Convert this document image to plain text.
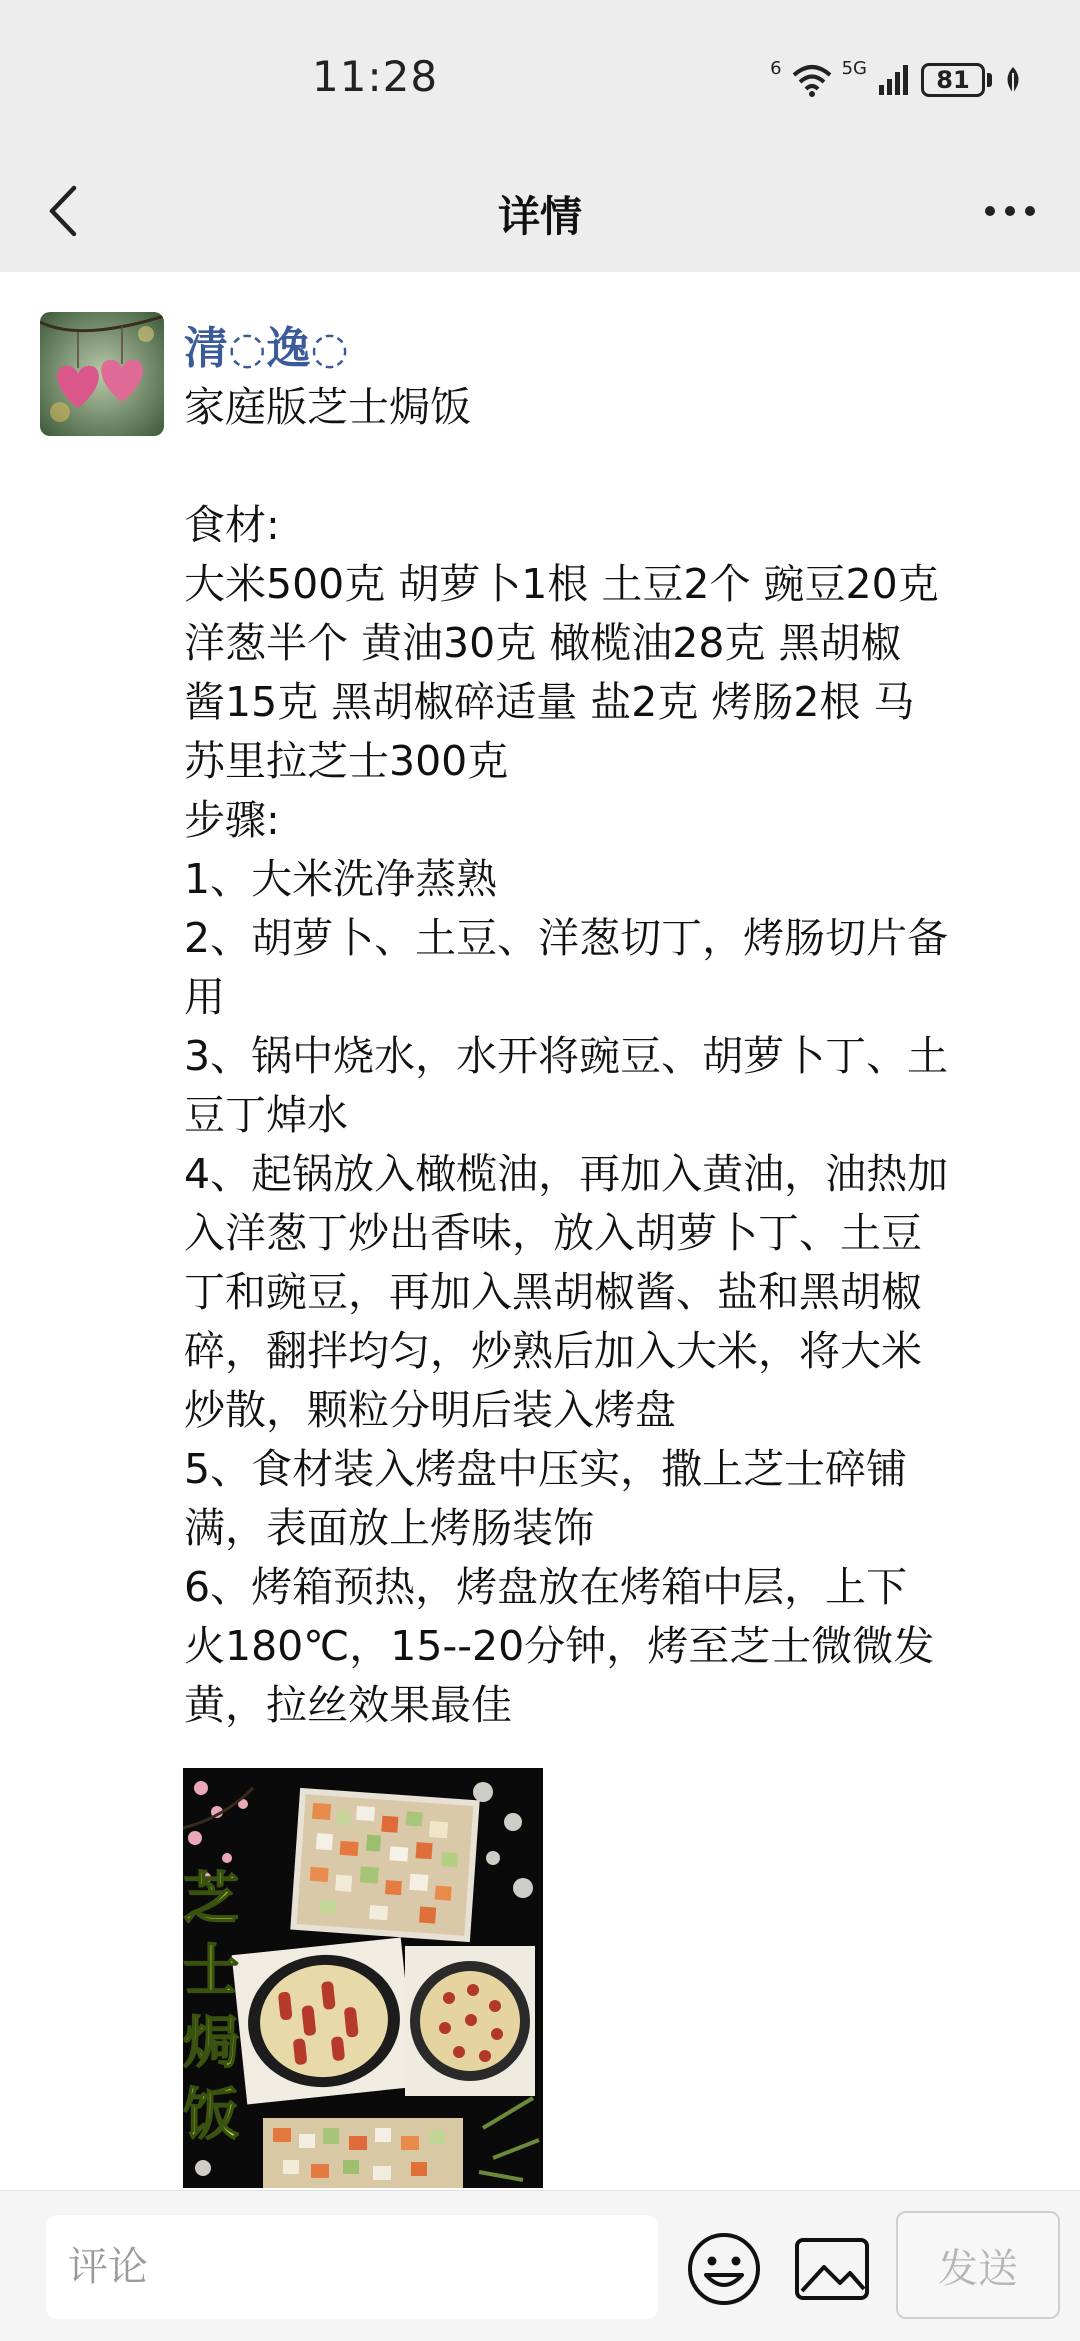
11:28	6	5G	81
详情
清◌逸◌
家庭版芝士焗饭
食材:
大米500克 胡萝卜1根 土豆2个 豌豆20克
洋葱半个 黄油30克 橄榄油28克 黑胡椒
酱15克 黑胡椒碎适量 盐2克 烤肠2根 马
苏里拉芝士300克
步骤:
1、大米洗净蒸熟
2、胡萝卜、土豆、洋葱切丁，烤肠切片备
用
3、锅中烧水，水开将豌豆、胡萝卜丁、土
豆丁焯水
4、起锅放入橄榄油，再加入黄油，油热加
入洋葱丁炒出香味，放入胡萝卜丁、土豆
丁和豌豆，再加入黑胡椒酱、盐和黑胡椒
碎，翻拌均匀，炒熟后加入大米，将大米
炒散，颗粒分明后装入烤盘
5、食材装入烤盘中压实，撒上芝士碎铺
满，表面放上烤肠装饰
6、烤箱预热，烤盘放在烤箱中层，上下
火180℃，15--20分钟，烤至芝士微微发
黄，拉丝效果最佳
芝
士
焗
饭
评论
发送
